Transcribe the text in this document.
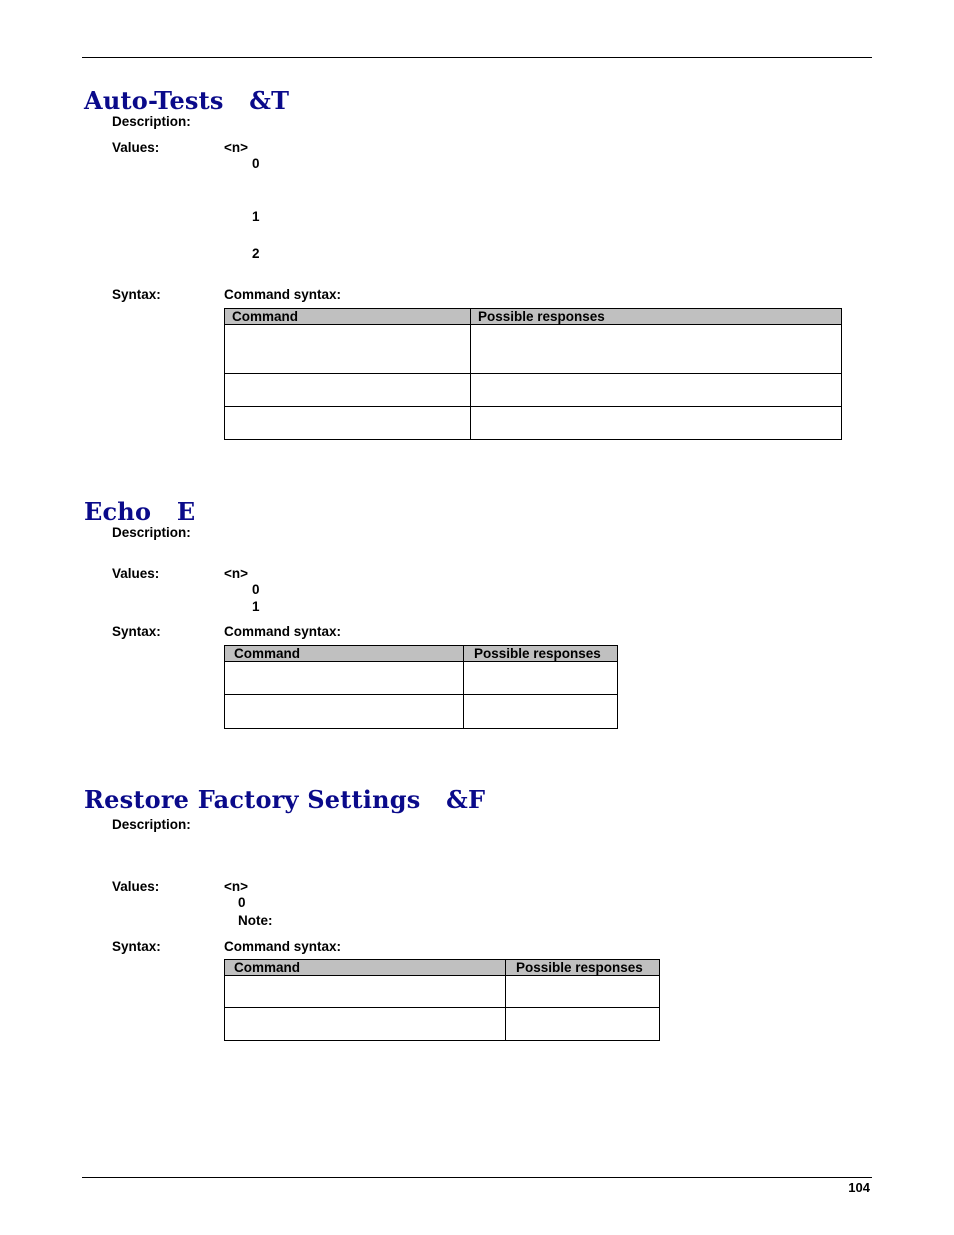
Auto-Tests   &T
Description:
Values:	<n>
0
1
2
Syntax:	Command syntax:
Command	Possible responses

Echo   E
Description:
Values:	<n>
0
1
Syntax:	Command syntax:
Command	Possible responses

Restore Factory Settings   &F
Description:
Values:	<n>
0
Note:
Syntax:	Command syntax:
Command	Possible responses

104
